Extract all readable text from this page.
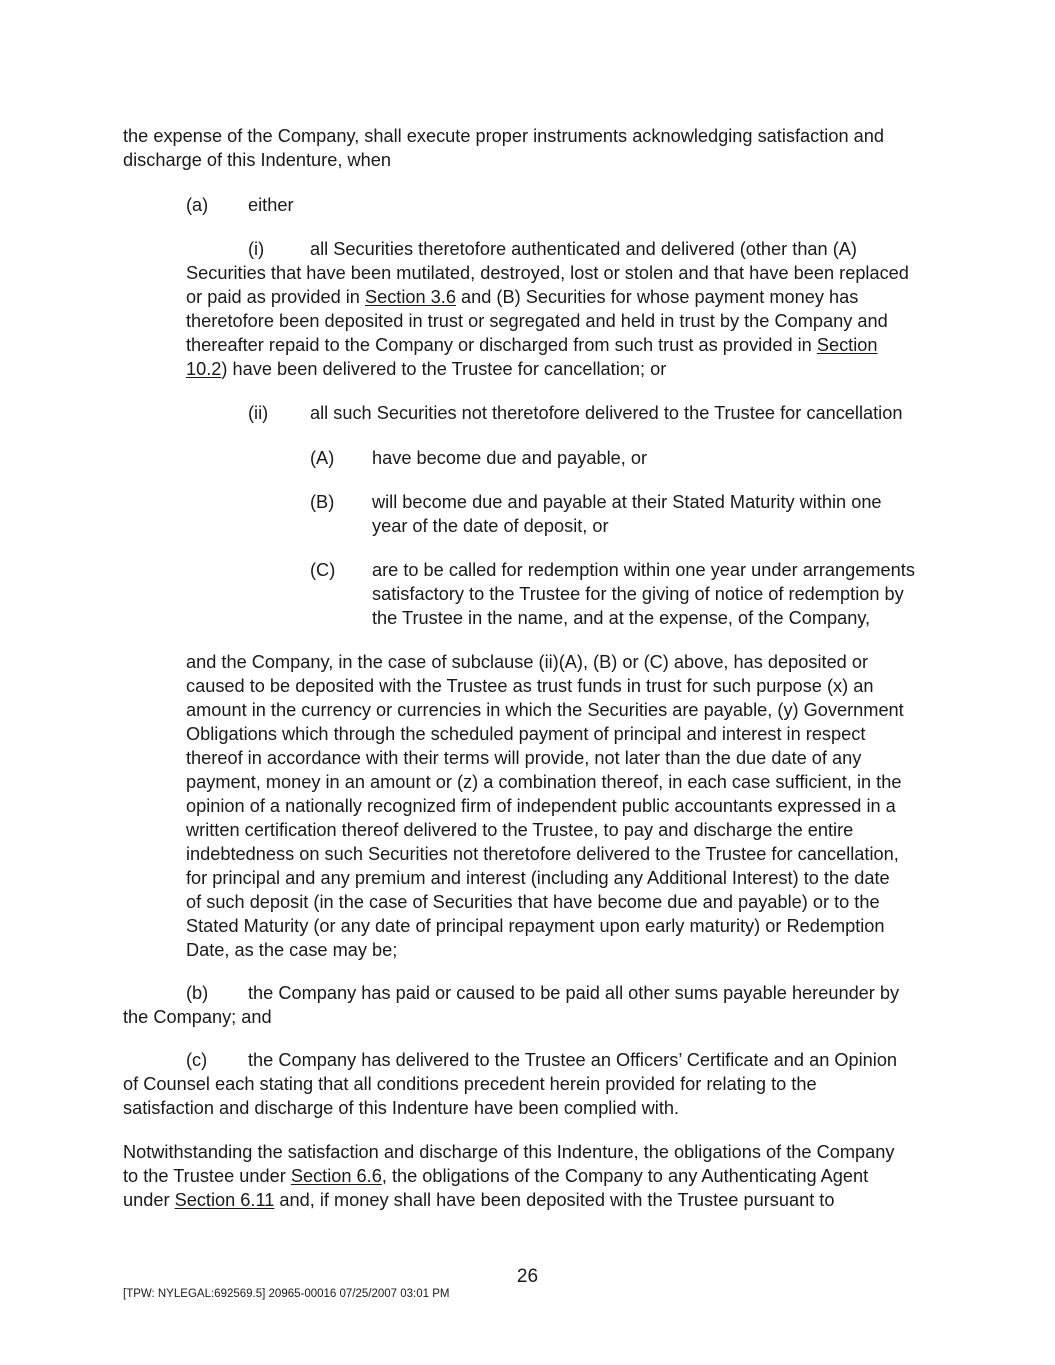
the expense of the Company, shall execute proper instruments acknowledging satisfaction and
discharge of this Indenture, when
(a) either
(i)	all Securities theretofore authenticated and delivered (other than (A)
Securities that have been mutilated, destroyed, lost or stolen and that have been replaced
or paid as provided in Section 3.6 and (B) Securities for whose payment money has
theretofore been deposited in trust or segregated and held in trust by the Company and
thereafter repaid to the Company or discharged from such trust as provided in Section
10.2) have been delivered to the Trustee for cancellation; or
(ii) all such Securities not theretofore delivered to the Trustee for cancellation
(A) have become due and payable, or
(B) will become due and payable at their Stated Maturity within one
year of the date of deposit, or
(C) are to be called for redemption within one year under arrangements
satisfactory to the Trustee for the giving of notice of redemption by
the Trustee in the name, and at the expense, of the Company,
and the Company, in the case of subclause (ii)(A), (B) or (C) above, has deposited or
caused to be deposited with the Trustee as trust funds in trust for such purpose (x) an
amount in the currency or currencies in which the Securities are payable, (y) Government
Obligations which through the scheduled payment of principal and interest in respect
thereof in accordance with their terms will provide, not later than the due date of any
payment, money in an amount or (z) a combination thereof, in each case sufficient, in the
opinion of a nationally recognized firm of independent public accountants expressed in a
written certification thereof delivered to the Trustee, to pay and discharge the entire
indebtedness on such Securities not theretofore delivered to the Trustee for cancellation,
for principal and any premium and interest (including any Additional Interest) to the date
of such deposit (in the case of Securities that have become due and payable) or to the
Stated Maturity (or any date of principal repayment upon early maturity) or Redemption
Date, as the case may be;
(b) the Company has paid or caused to be paid all other sums payable hereunder by
the Company; and
(c) the Company has delivered to the Trustee an Officers’ Certificate and an Opinion
of Counsel each stating that all conditions precedent herein provided for relating to the
satisfaction and discharge of this Indenture have been complied with.
Notwithstanding the satisfaction and discharge of this Indenture, the obligations of the Company
to the Trustee under Section 6.6, the obligations of the Company to any Authenticating Agent
under Section 6.11 and, if money shall have been deposited with the Trustee pursuant to
26
[TPW: NYLEGAL:692569.5] 20965-00016 07/25/2007 03:01 PM
